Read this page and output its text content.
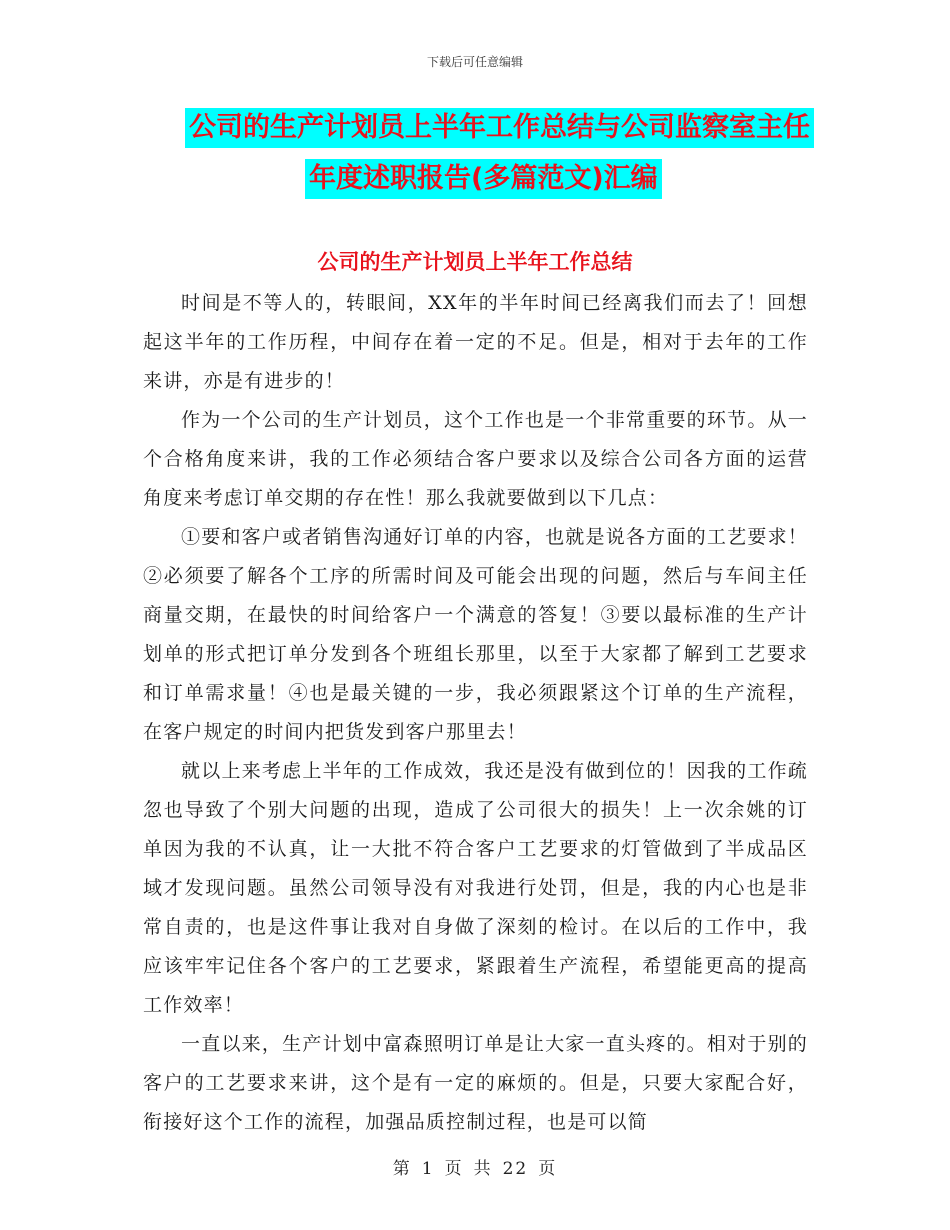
下载后可任意编辑
公司的生产计划员上半年工作总结与公司监察室主任
年度述职报告(多篇范文)汇编
公司的生产计划员上半年工作总结

时间是不等人的，转眼间，XX年的半年时间已经离我们而去了！回想起这半年的工作历程，中间存在着一定的不足。但是，相对于去年的工作来讲，亦是有进步的！

作为一个公司的生产计划员，这个工作也是一个非常重要的环节。从一个合格角度来讲，我的工作必须结合客户要求以及综合公司各方面的运营角度来考虑订单交期的存在性！那么我就要做到以下几点：

①要和客户或者销售沟通好订单的内容，也就是说各方面的工艺要求！②必须要了解各个工序的所需时间及可能会出现的问题，然后与车间主任商量交期，在最快的时间给客户一个满意的答复！③要以最标准的生产计划单的形式把订单分发到各个班组长那里，以至于大家都了解到工艺要求和订单需求量！④也是最关键的一步，我必须跟紧这个订单的生产流程，在客户规定的时间内把货发到客户那里去！

就以上来考虑上半年的工作成效，我还是没有做到位的！因我的工作疏忽也导致了个别大问题的出现，造成了公司很大的损失！上一次余姚的订单因为我的不认真，让一大批不符合客户工艺要求的灯管做到了半成品区域才发现问题。虽然公司领导没有对我进行处罚，但是，我的内心也是非常自责的，也是这件事让我对自身做了深刻的检讨。在以后的工作中，我应该牢牢记住各个客户的工艺要求，紧跟着生产流程，希望能更高的提高工作效率！

一直以来，生产计划中富森照明订单是让大家一直头疼的。相对于别的客户的工艺要求来讲，这个是有一定的麻烦的。但是，只要大家配合好，衔接好这个工作的流程，加强品质控制过程，也是可以简

第 1 页 共 22 页
